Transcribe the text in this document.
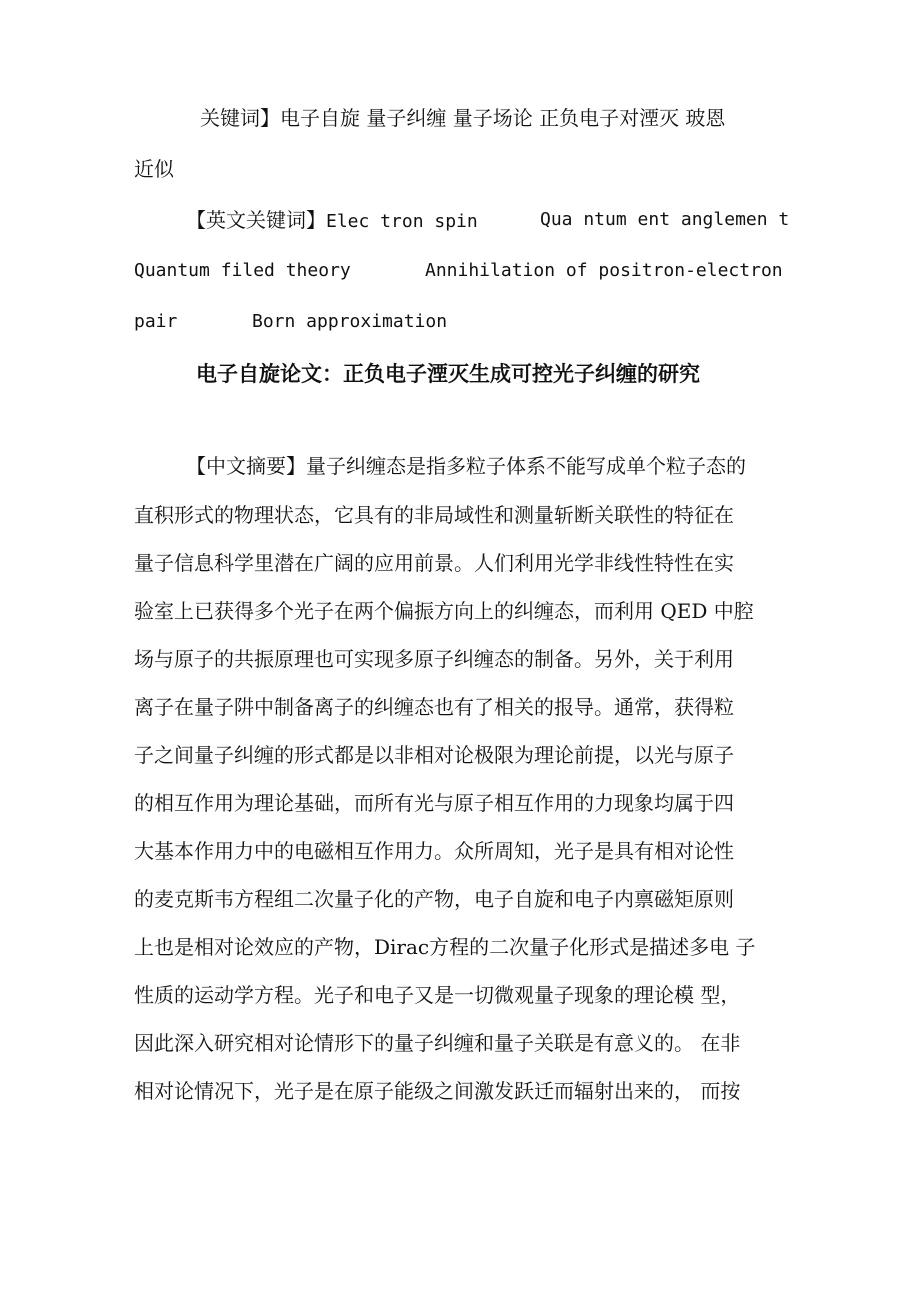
关键词】电子自旋 量子纠缠 量子场论 正负电子对湮灭 玻恩
近似
【英文关键词】Elec tron spin	Qua ntum ent anglemen t
Quantum filed theory	Annihilation of positron-electron
pair	Born approximation
电子自旋论文：正负电子湮灭生成可控光子纠缠的研究
【中文摘要】量子纠缠态是指多粒子体系不能写成单个粒子态的
直积形式的物理状态，它具有的非局域性和测量斩断关联性的特征在
量子信息科学里潜在广阔的应用前景。人们利用光学非线性特性在实
验室上已获得多个光子在两个偏振方向上的纠缠态，而利用 QED 中腔
场与原子的共振原理也可实现多原子纠缠态的制备。另外，关于利用
离子在量子阱中制备离子的纠缠态也有了相关的报导。通常，获得粒
子之间量子纠缠的形式都是以非相对论极限为理论前提，以光与原子
的相互作用为理论基础，而所有光与原子相互作用的力现象均属于四
大基本作用力中的电磁相互作用力。众所周知，光子是具有相对论性
的麦克斯韦方程组二次量子化的产物，电子自旋和电子内禀磁矩原则
上也是相对论效应的产物，Dirac方程的二次量子化形式是描述多电 子
性质的运动学方程。光子和电子又是一切微观量子现象的理论模 型，
因此深入研究相对论情形下的量子纠缠和量子关联是有意义的。 在非
相对论情况下，光子是在原子能级之间激发跃迁而辐射出来的， 而按
